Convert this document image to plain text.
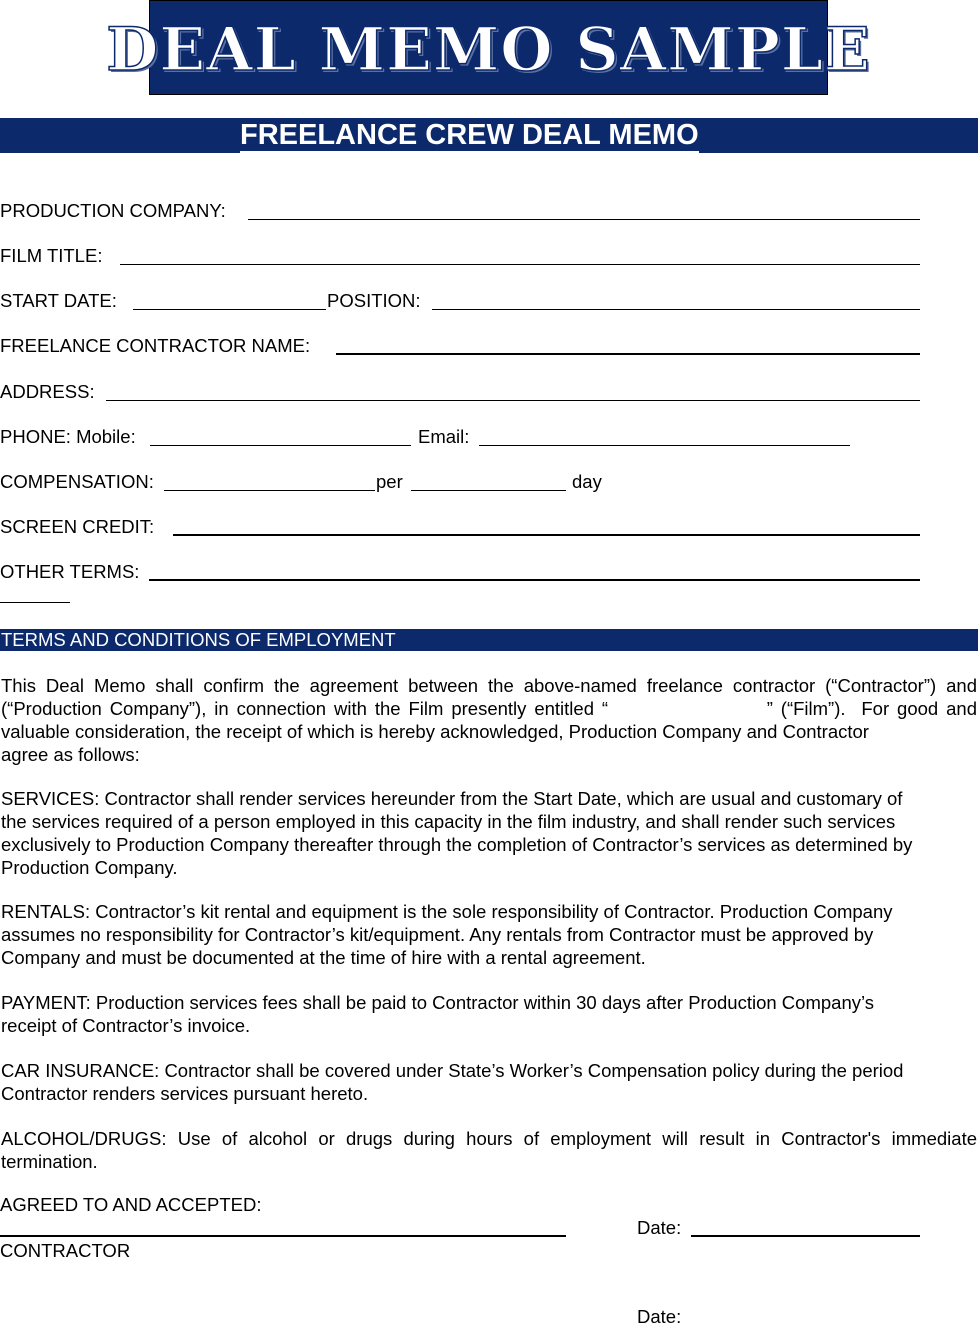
DEAL MEMO SAMPLE
FREELANCE CREW DEAL MEMO
PRODUCTION COMPANY:
FILM TITLE:
START DATE:	POSITION:
FREELANCE CONTRACTOR NAME:
ADDRESS:
PHONE: Mobile:	Email:
COMPENSATION:	per	day
SCREEN CREDIT:
OTHER TERMS:
TERMS AND CONDITIONS OF EMPLOYMENT
This Deal Memo shall confirm the agreement between the above-named freelance contractor (“Contractor”) and
(“Production Company”), in connection with the Film presently entitled “                    ” (“Film”).  For good and
valuable consideration, the receipt of which is hereby acknowledged, Production Company and Contractor
agree as follows:
SERVICES: Contractor shall render services hereunder from the Start Date, which are usual and customary of
the services required of a person employed in this capacity in the film industry, and shall render such services
exclusively to Production Company thereafter through the completion of Contractor’s services as determined by
Production Company.
RENTALS: Contractor’s kit rental and equipment is the sole responsibility of Contractor. Production Company
assumes no responsibility for Contractor’s kit/equipment. Any rentals from Contractor must be approved by
Company and must be documented at the time of hire with a rental agreement.
PAYMENT: Production services fees shall be paid to Contractor within 30 days after Production Company’s
receipt of Contractor’s invoice.
CAR INSURANCE: Contractor shall be covered under State’s Worker’s Compensation policy during the period
Contractor renders services pursuant hereto.
ALCOHOL/DRUGS: Use of alcohol or drugs during hours of employment will result in Contractor's immediate
termination.
AGREED TO AND ACCEPTED:
Date:
CONTRACTOR
Date:
